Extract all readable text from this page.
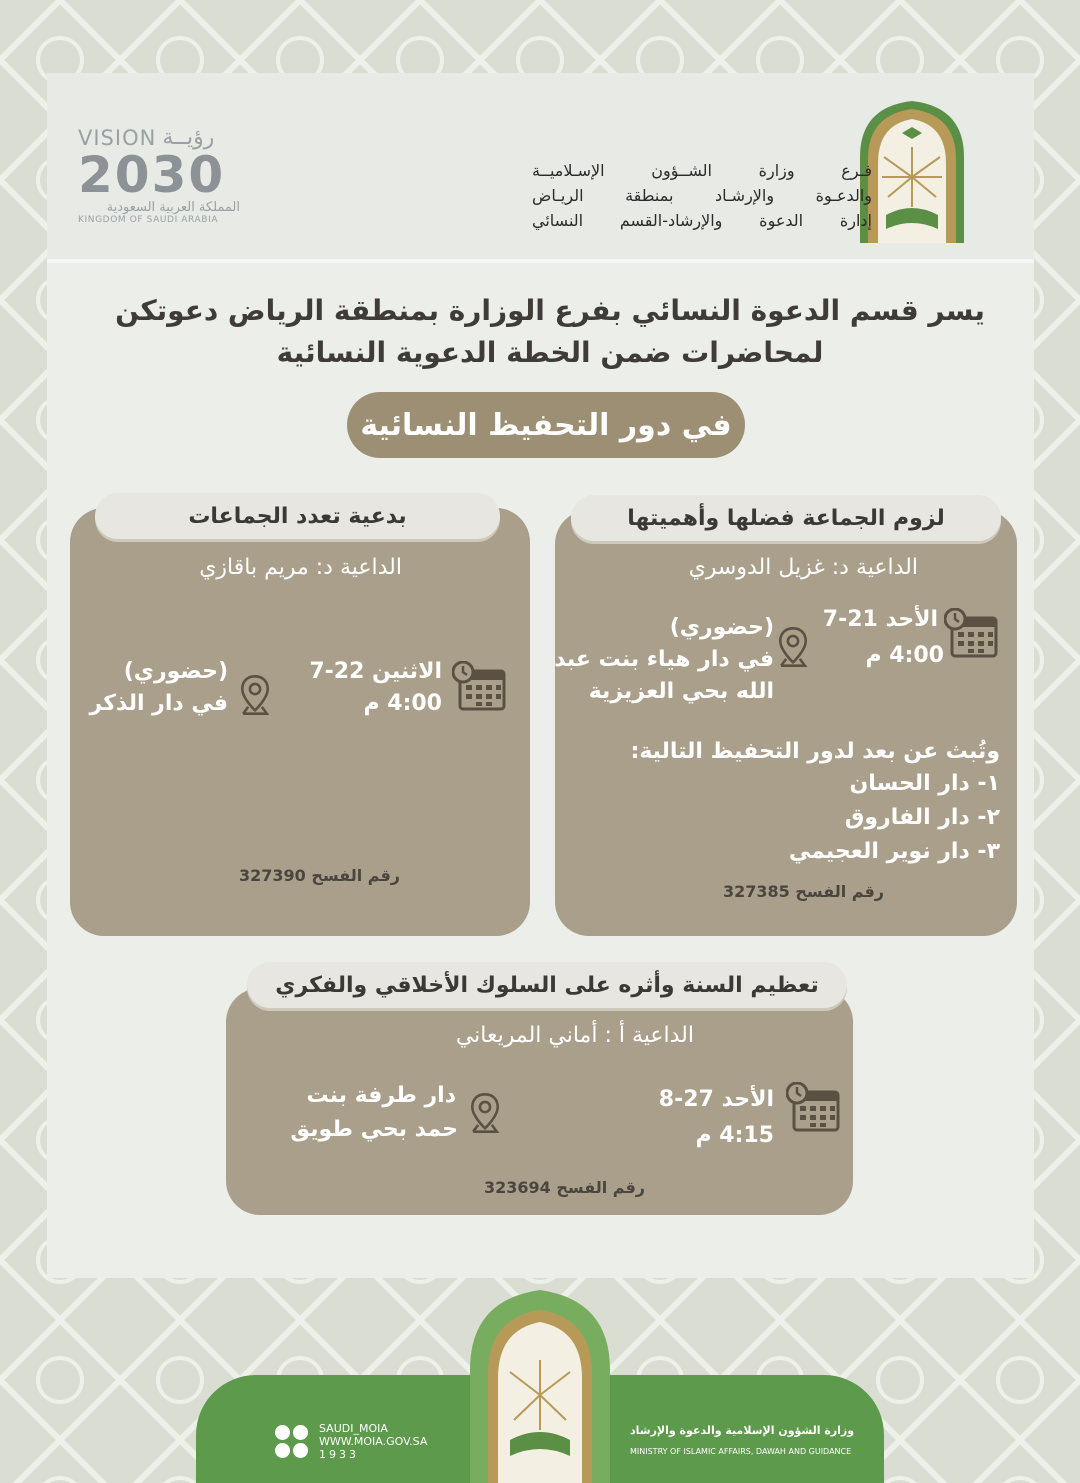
فـرع وزارة الشــؤون الإسـلاميــة
والدعـوة والإرشـاد بمنطقة الريـاض
إدارة الدعوة والإرشاد-القسم النسائي
VISION رؤيــة
2030
المملكة العربية السعودية
KINGDOM OF SAUDI ARABIA
يسر قسم الدعوة النسائي بفرع الوزارة بمنطقة الرياض دعوتكن
لمحاضرات ضمن الخطة الدعوية النسائية
في دور التحفيظ النسائية
لزوم الجماعة فضلها وأهميتها
الداعية د: غزيل الدوسري
الأحد 21-7
4:00 م
(حضوري)
في دار هياء بنت عبد
الله بحي العزيزية
وتُبث عن بعد لدور التحفيظ التالية:
١- دار الحسان
٢- دار الفاروق
٣- دار نوير العجيمي
رقم الفسح 327385
بدعية تعدد الجماعات
الداعية د: مريم باقازي
الاثنين 22-7
4:00 م
(حضوري)
في دار الذكر
رقم الفسح 327390
تعظيم السنة وأثره على السلوك الأخلاقي والفكري
الداعية أ : أماني المريعاني
الأحد 27-8
4:15 م
دار طرفة بنت
حمد بحي طويق
رقم الفسح 323694
وزارة الشؤون الإسلامية والدعوة والإرشاد
MINISTRY OF ISLAMIC AFFAIRS, DAWAH AND GUIDANCE
SAUDI_MOIA
WWW.MOIA.GOV.SA
1933
